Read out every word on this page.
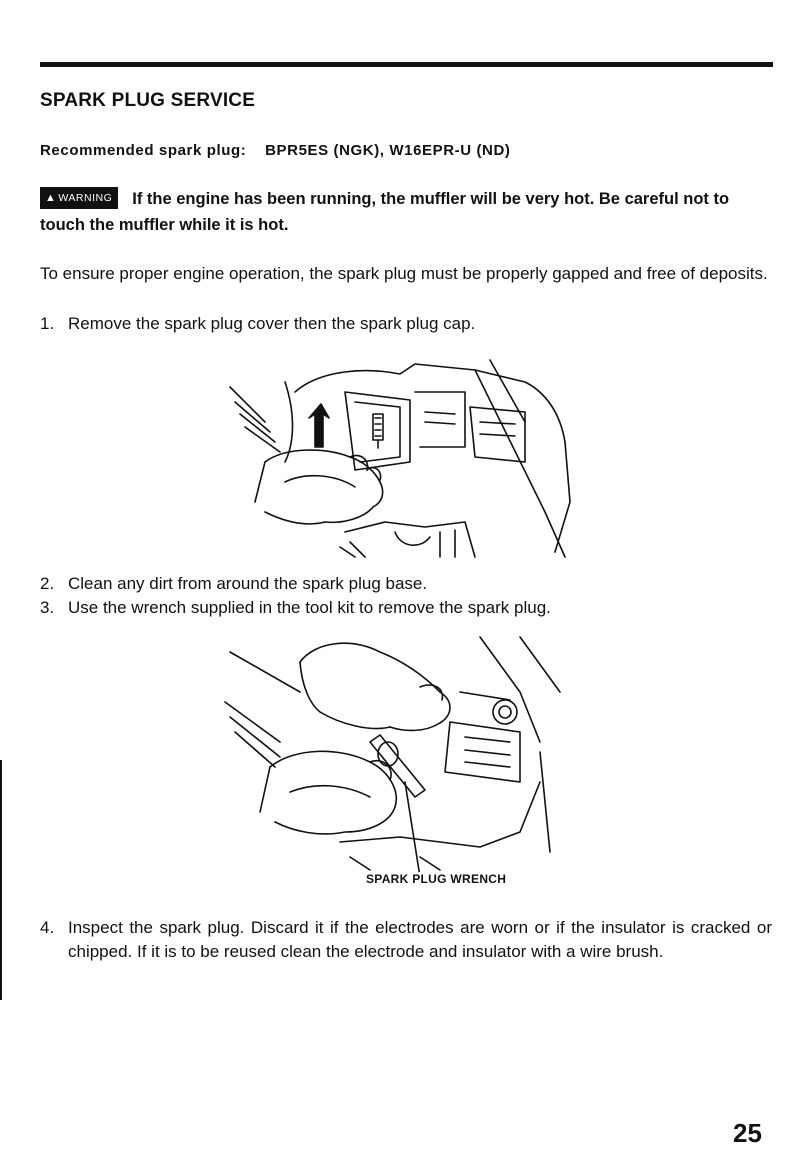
SPARK PLUG SERVICE
Recommended spark plug: BPR5ES (NGK), W16EPR-U (ND)
▲ WARNING If the engine has been running, the muffler will be very hot. Be careful not to touch the muffler while it is hot.
To ensure proper engine operation, the spark plug must be properly gapped and free of deposits.
1. Remove the spark plug cover then the spark plug cap.
2. Clean any dirt from around the spark plug base.
3. Use the wrench supplied in the tool kit to remove the spark plug.
SPARK PLUG WRENCH
4. Inspect the spark plug. Discard it if the electrodes are worn or if the insulator is cracked or chipped. If it is to be reused clean the electrode and insulator with a wire brush.
25
